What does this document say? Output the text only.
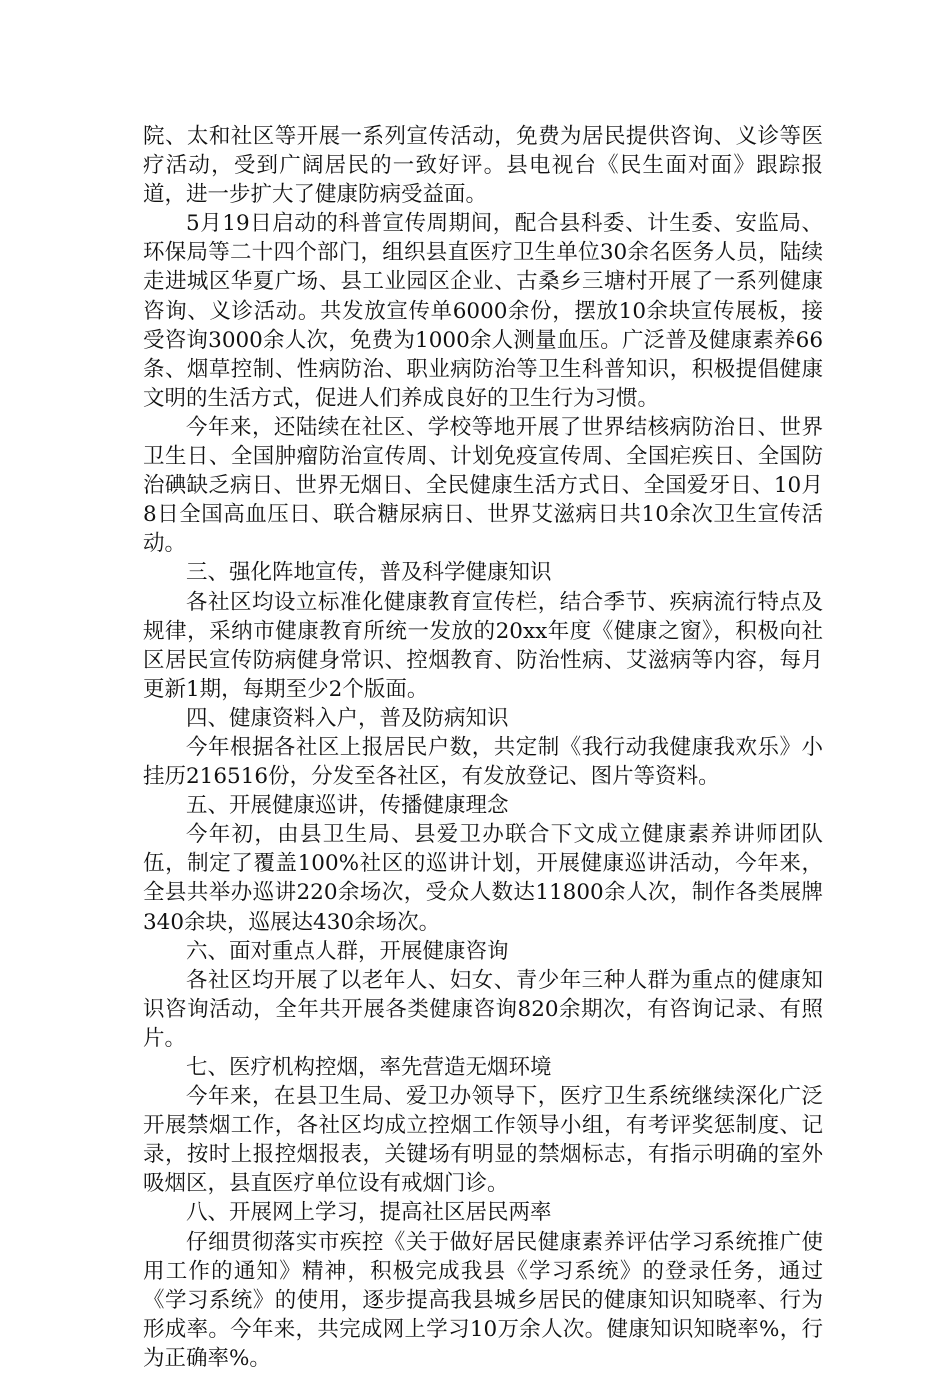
院、太和社区等开展一系列宣传活动，免费为居民提供咨询、义诊等医疗活动，受到广阔居民的一致好评。县电视台《民生面对面》跟踪报道，进一步扩大了健康防病受益面。

5月19日启动的科普宣传周期间，配合县科委、计生委、安监局、环保局等二十四个部门，组织县直医疗卫生单位30余名医务人员，陆续走进城区华夏广场、县工业园区企业、古桑乡三塘村开展了一系列健康咨询、义诊活动。共发放宣传单6000余份，摆放10余块宣传展板，接受咨询3000余人次，免费为1000余人测量血压。广泛普及健康素养66条、烟草控制、性病防治、职业病防治等卫生科普知识，积极提倡健康文明的生活方式，促进人们养成良好的卫生行为习惯。

今年来，还陆续在社区、学校等地开展了世界结核病防治日、世界卫生日、全国肿瘤防治宣传周、计划免疫宣传周、全国疟疾日、全国防治碘缺乏病日、世界无烟日、全民健康生活方式日、全国爱牙日、10月8日全国高血压日、联合糖尿病日、世界艾滋病日共10余次卫生宣传活动。

三、强化阵地宣传，普及科学健康知识

各社区均设立标准化健康教育宣传栏，结合季节、疾病流行特点及规律，采纳市健康教育所统一发放的20xx年度《健康之窗》，积极向社区居民宣传防病健身常识、控烟教育、防治性病、艾滋病等内容，每月更新1期，每期至少2个版面。

四、健康资料入户，普及防病知识

今年根据各社区上报居民户数，共定制《我行动我健康我欢乐》小挂历216516份，分发至各社区，有发放登记、图片等资料。

五、开展健康巡讲，传播健康理念

今年初，由县卫生局、县爱卫办联合下文成立健康素养讲师团队伍，制定了覆盖100%社区的巡讲计划，开展健康巡讲活动，今年来，全县共举办巡讲220余场次，受众人数达11800余人次，制作各类展牌340余块，巡展达430余场次。

六、面对重点人群，开展健康咨询

各社区均开展了以老年人、妇女、青少年三种人群为重点的健康知识咨询活动，全年共开展各类健康咨询820余期次，有咨询记录、有照片。

七、医疗机构控烟，率先营造无烟环境

今年来，在县卫生局、爱卫办领导下，医疗卫生系统继续深化广泛开展禁烟工作，各社区均成立控烟工作领导小组，有考评奖惩制度、记录，按时上报控烟报表，关键场有明显的禁烟标志，有指示明确的室外吸烟区，县直医疗单位设有戒烟门诊。

八、开展网上学习，提高社区居民两率

仔细贯彻落实市疾控《关于做好居民健康素养评估学习系统推广使用工作的通知》精神，积极完成我县《学习系统》的登录任务，通过《学习系统》的使用，逐步提高我县城乡居民的健康知识知晓率、行为形成率。今年来，共完成网上学习10万余人次。健康知识知晓率%，行为正确率%。
